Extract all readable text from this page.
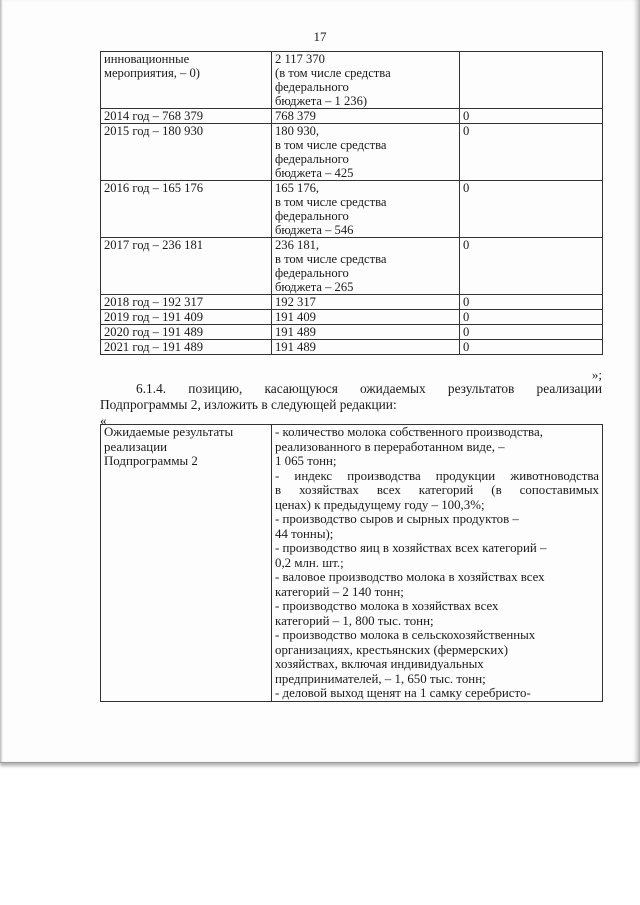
17
инновационные
мероприятия, – 0)	2 117 370
(в том числе средства
федерального
бюджета – 1 236)	

2014 год – 768 379	768 379	0

2015 год – 180 930	180 930,
в том числе средства
федерального
бюджета – 425	0

2016 год – 165 176	165 176,
в том числе средства
федерального
бюджета – 546	0

2017 год – 236 181	236 181,
в том числе средства
федерального
бюджета – 265	0

2018 год – 192 317	192 317	0

2019 год – 191 409	191 409	0

2020 год – 191 489	191 489	0

2021 год – 191 489	191 489	0
»;
6.1.4. позицию, касающуюся ожидаемых результатов реализации
Подпрограммы 2, изложить в следующей редакции:
«
Ожидаемые результаты
реализации
Подпрограммы 2

- количество молока собственного производства,
реализованного в переработанном виде, –
1 065 тонн;
- индекс производства продукции животноводства
в хозяйствах всех категорий (в сопоставимых
ценах) к предыдущему году – 100,3%;
- производство сыров и сырных продуктов –
44 тонны);
- производство яиц в хозяйствах всех категорий –
0,2 млн. шт.;
- валовое производство молока в хозяйствах всех
категорий – 2 140 тонн;
- производство молока в хозяйствах всех
категорий – 1, 800 тыс. тонн;
- производство молока в сельскохозяйственных
организациях, крестьянских (фермерских)
хозяйствах, включая индивидуальных
предпринимателей, – 1, 650 тыс. тонн;
- деловой выход щенят на 1 самку серебристо-
